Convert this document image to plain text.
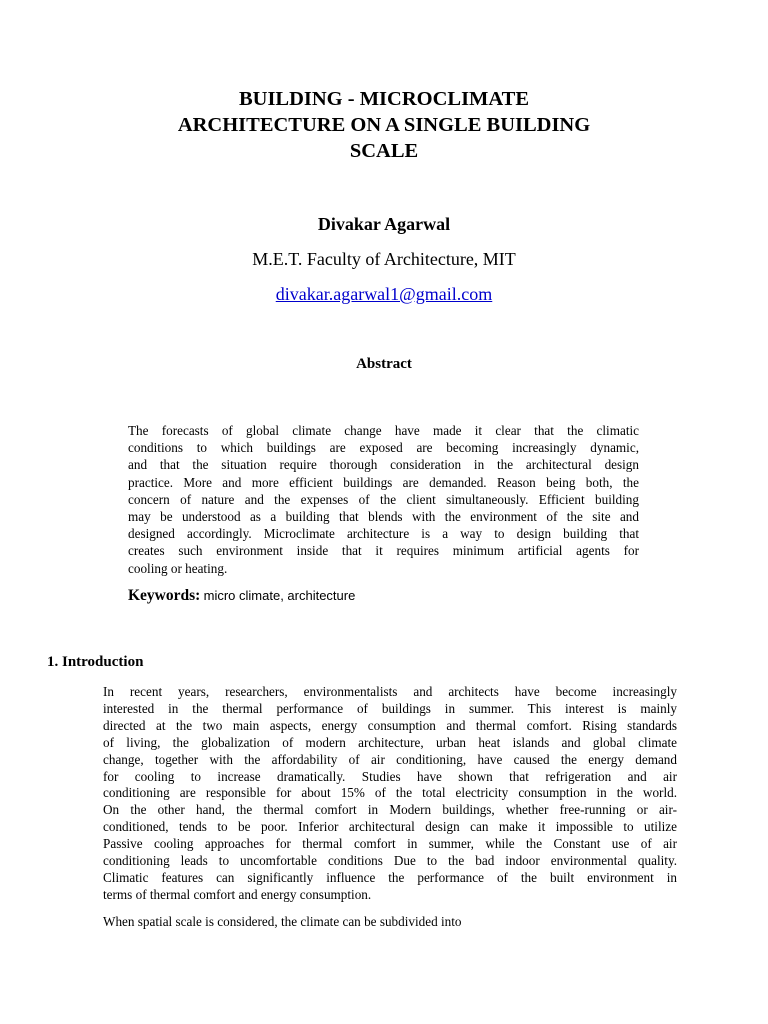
BUILDING - MICROCLIMATE
ARCHITECTURE ON A SINGLE BUILDING
SCALE
Divakar Agarwal
M.E.T. Faculty of Architecture, MIT
divakar.agarwal1@gmail.com
Abstract
The forecasts of global climate change have made it clear that the climatic
conditions to which buildings are exposed are becoming increasingly dynamic,
and that the situation require thorough consideration in the architectural design
practice. More and more efficient buildings are demanded. Reason being both, the
concern of nature and the expenses of the client simultaneously. Efficient building
may be understood as a building that blends with the environment of the site and
designed accordingly. Microclimate architecture is a way to design building that
creates such environment inside that it requires minimum artificial agents for
cooling or heating.
Keywords: micro climate, architecture
1. Introduction
In recent years, researchers, environmentalists and architects have become increasingly
interested in the thermal performance of buildings in summer. This interest is mainly
directed at the two main aspects, energy consumption and thermal comfort. Rising standards
of living, the globalization of modern architecture, urban heat islands and global climate
change, together with the affordability of air conditioning, have caused the energy demand
for cooling to increase dramatically. Studies have shown that refrigeration and air
conditioning are responsible for about 15% of the total electricity consumption in the world.
On the other hand, the thermal comfort in Modern buildings, whether free-running or air-
conditioned, tends to be poor. Inferior architectural design can make it impossible to utilize
Passive cooling approaches for thermal comfort in summer, while the Constant use of air
conditioning leads to uncomfortable conditions Due to the bad indoor environmental quality.
Climatic features can significantly influence the performance of the built environment in
terms of thermal comfort and energy consumption.
When spatial scale is considered, the climate can be subdivided into
